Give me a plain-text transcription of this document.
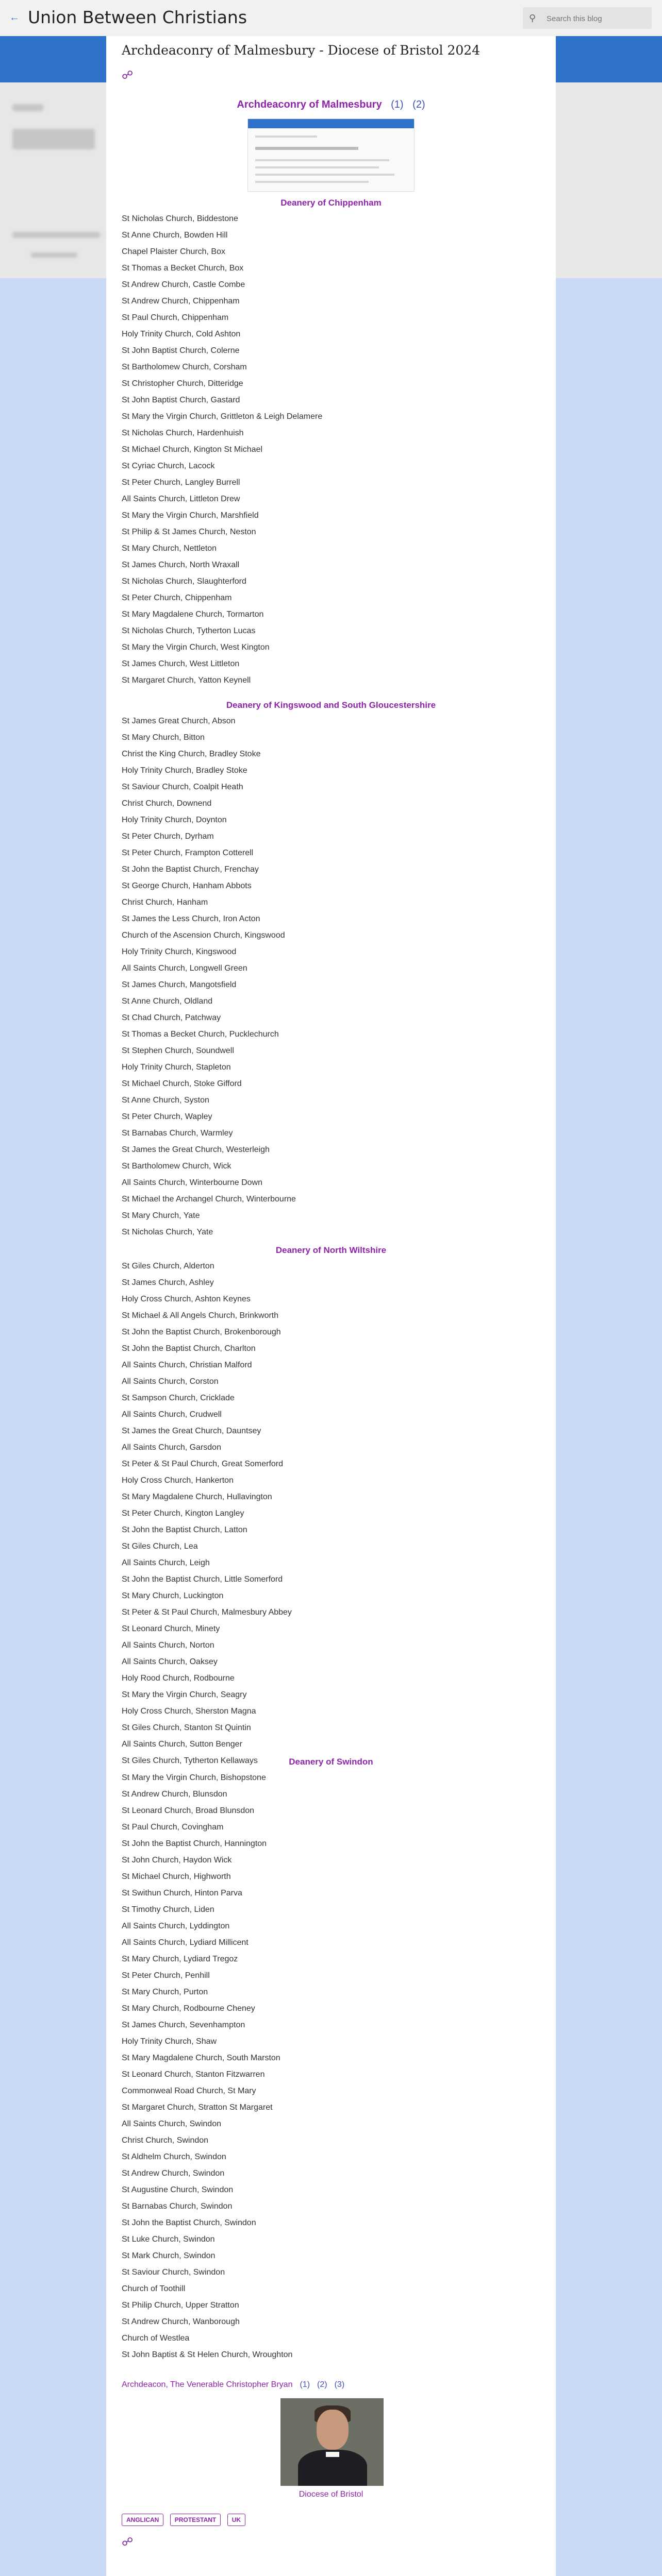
← Union Between Christians	⚲
Search this blog
Archdeaconry of Malmesbury - Diocese of Bristol 2024
☍
Archdeaconry of Malmesbury (1) (2)
Deanery of Chippenham
St Nicholas Church, Biddestone
St Anne Church, Bowden Hill
Chapel Plaister Church, Box
St Thomas a Becket Church, Box
St Andrew Church, Castle Combe
St Andrew Church, Chippenham
St Paul Church, Chippenham
Holy Trinity Church, Cold Ashton
St John Baptist Church, Colerne
St Bartholomew Church, Corsham
St Christopher Church, Ditteridge
St John Baptist Church, Gastard
St Mary the Virgin Church, Grittleton & Leigh Delamere
St Nicholas Church, Hardenhuish
St Michael Church, Kington St Michael
St Cyriac Church, Lacock
St Peter Church, Langley Burrell
All Saints Church, Littleton Drew
St Mary the Virgin Church, Marshfield
St Philip & St James Church, Neston
St Mary Church, Nettleton
St James Church, North Wraxall
St Nicholas Church, Slaughterford
St Peter Church, Chippenham
St Mary Magdalene Church, Tormarton
St Nicholas Church, Tytherton Lucas
St Mary the Virgin Church, West Kington
St James Church, West Littleton
St Margaret Church, Yatton Keynell
Deanery of Kingswood and South Gloucestershire
St James Great Church, Abson
St Mary Church, Bitton
Christ the King Church, Bradley Stoke
Holy Trinity Church, Bradley Stoke
St Saviour Church, Coalpit Heath
Christ Church, Downend
Holy Trinity Church, Doynton
St Peter Church, Dyrham
St Peter Church, Frampton Cotterell
St John the Baptist Church, Frenchay
St George Church, Hanham Abbots
Christ Church, Hanham
St James the Less Church, Iron Acton
Church of the Ascension Church, Kingswood
Holy Trinity Church, Kingswood
All Saints Church, Longwell Green
St James Church, Mangotsfield
St Anne Church, Oldland
St Chad Church, Patchway
St Thomas a Becket Church, Pucklechurch
St Stephen Church, Soundwell
Holy Trinity Church, Stapleton
St Michael Church, Stoke Gifford
St Anne Church, Syston
St Peter Church, Wapley
St Barnabas Church, Warmley
St James the Great Church, Westerleigh
St Bartholomew Church, Wick
All Saints Church, Winterbourne Down
St Michael the Archangel Church, Winterbourne
St Mary Church, Yate
St Nicholas Church, Yate
Deanery of North Wiltshire
St Giles Church, Alderton
St James Church, Ashley
Holy Cross Church, Ashton Keynes
St Michael & All Angels Church, Brinkworth
St John the Baptist Church, Brokenborough
St John the Baptist Church, Charlton
All Saints Church, Christian Malford
All Saints Church, Corston
St Sampson Church, Cricklade
All Saints Church, Crudwell
St James the Great Church, Dauntsey
All Saints Church, Garsdon
St Peter & St Paul Church, Great Somerford
Holy Cross Church, Hankerton
St Mary Magdalene Church, Hullavington
St Peter Church, Kington Langley
St John the Baptist Church, Latton
St Giles Church, Lea
All Saints Church, Leigh
St John the Baptist Church, Little Somerford
St Mary Church, Luckington
St Peter & St Paul Church, Malmesbury Abbey
St Leonard Church, Minety
All Saints Church, Norton
All Saints Church, Oaksey
Holy Rood Church, Rodbourne
St Mary the Virgin Church, Seagry
Holy Cross Church, Sherston Magna
St Giles Church, Stanton St Quintin
All Saints Church, Sutton Benger
St Giles Church, Tytherton Kellaways	Deanery of Swindon
St Mary the Virgin Church, Bishopstone
St Andrew Church, Blunsdon
St Leonard Church, Broad Blunsdon
St Paul Church, Covingham
St John the Baptist Church, Hannington
St John Church, Haydon Wick
St Michael Church, Highworth
St Swithun Church, Hinton Parva
St Timothy Church, Liden
All Saints Church, Lyddington
All Saints Church, Lydiard Millicent
St Mary Church, Lydiard Tregoz
St Peter Church, Penhill
St Mary Church, Purton
St Mary Church, Rodbourne Cheney
St James Church, Sevenhampton
Holy Trinity Church, Shaw
St Mary Magdalene Church, South Marston
St Leonard Church, Stanton Fitzwarren
Commonweal Road Church, St Mary
St Margaret Church, Stratton St Margaret
All Saints Church, Swindon
Christ Church, Swindon
St Aldhelm Church, Swindon
St Andrew Church, Swindon
St Augustine Church, Swindon
St Barnabas Church, Swindon
St John the Baptist Church, Swindon
St Luke Church, Swindon
St Mark Church, Swindon
St Saviour Church, Swindon
Church of Toothill
St Philip Church, Upper Stratton
St Andrew Church, Wanborough
Church of Westlea
St John Baptist & St Helen Church, Wroughton
Archdeacon, The Venerable Christopher Bryan (1) (2) (3)
Diocese of Bristol
ANGLICAN	PROTESTANT	UK
☍
